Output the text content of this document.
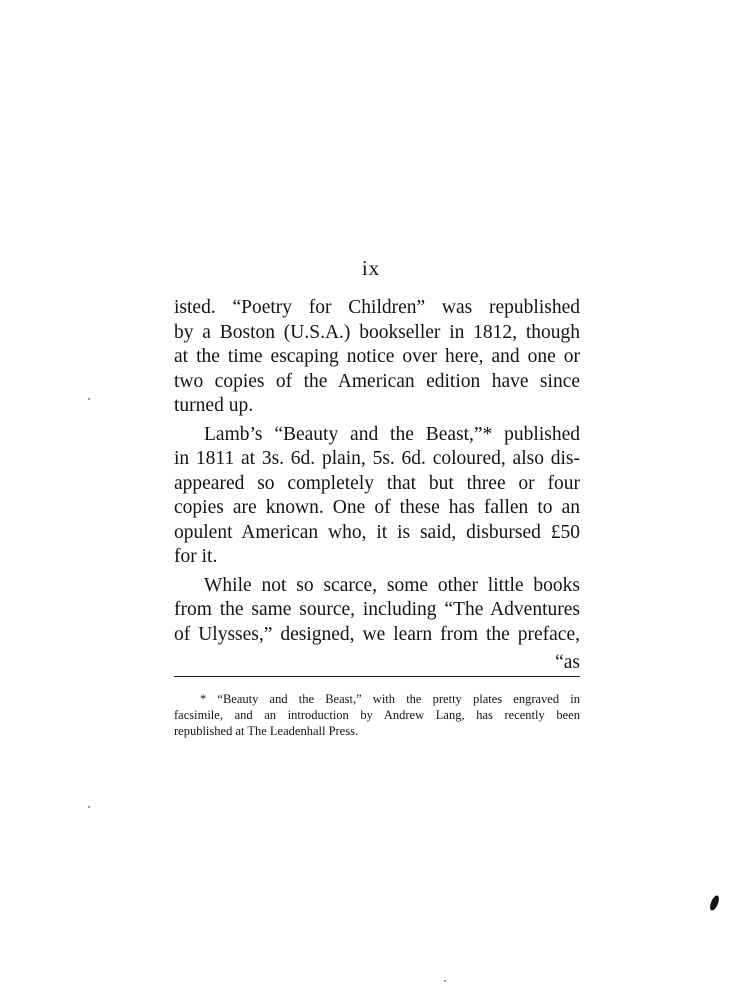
ix
isted. “Poetry for Children” was republished
by a Boston (U.S.A.) bookseller in 1812, though
at the time escaping notice over here, and one or
two copies of the American edition have since
turned up.
Lamb’s “Beauty and the Beast,”* published
in 1811 at 3s. 6d. plain, 5s. 6d. coloured, also dis-
appeared so completely that but three or four
copies are known. One of these has fallen to an
opulent American who, it is said, disbursed £50
for it.
While not so scarce, some other little books
from the same source, including “The Adventures
of Ulysses,” designed, we learn from the preface,
“as
* “Beauty and the Beast,” with the pretty plates engraved in
facsimile, and an introduction by Andrew Lang, has recently been
republished at The Leadenhall Press.
